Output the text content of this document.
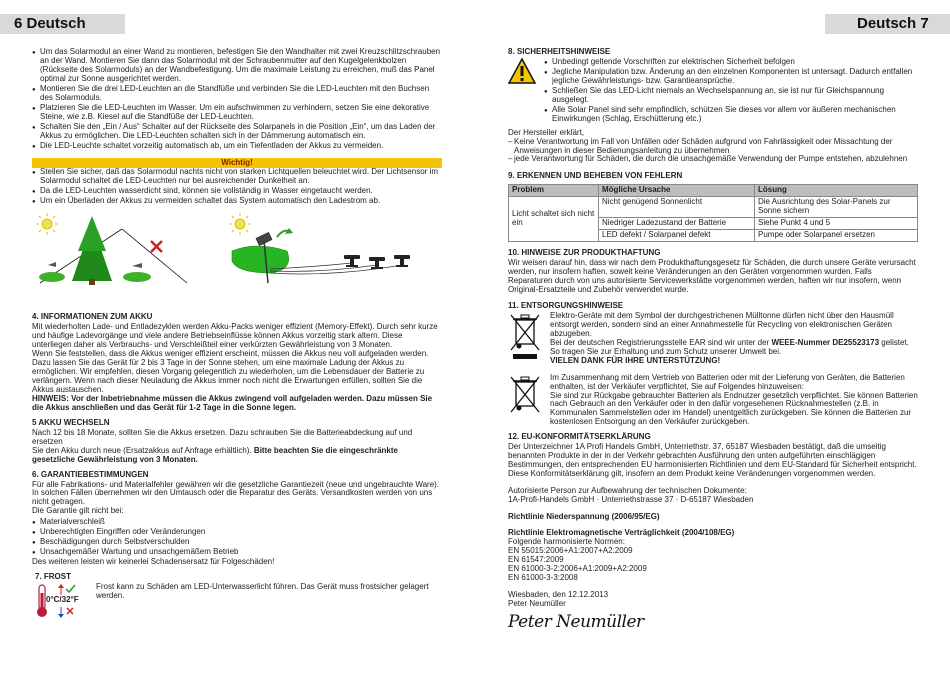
6 Deutsch	Deutsch 7
● Um das Solarmodul an einer Wand zu montieren, befestigen Sie den Wandhalter mit zwei Kreuzschlitzschrauben an der Wand. Montieren Sie dann das Solarmodul mit der Schraubenmutter auf den Kugelgelenkbolzen (Rückseite des Solarmoduls) an der Wandbefestigung. Um die maximale Leistung zu erreichen, muß das Panel optimal zur Sonne ausgerichtet werden.
● Montieren Sie die drei LED-Leuchten an die Standfüße und verbinden Sie die LED-Leuchten mit den Buchsen des Solarmoduls.
● Platzieren Sie die LED-Leuchten im Wasser. Um ein aufschwimmen zu verhindern, setzen Sie eine dekorative Steine, wie z.B. Kiesel auf die Standfüße der LED-Leuchten.
● Schalten Sie den „Ein / Aus“ Schalter auf der Rückseite des Solarpanels in die Position „Ein“, um das Laden der Akkus zu ermöglichen. Die LED-Leuchten schalten sich in der Dämmerung automatisch ein.
● Die LED-Leuchte schaltet vorzeitig automatisch ab, um ein Tiefentladen der Akkus zu vermeiden.
Wichtig!
● Stellen Sie sicher, daß das Solarmodul nachts nicht von starken Lichtquellen beleuchtet wird. Der Lichtsensor im Solarmodul schaltet die LED-Leuchten nur bei ausreichender Dunkelheit an.
● Da die LED-Leuchten wasserdicht sind, können sie vollständig in Wasser eingetaucht werden.
● Um ein Überladen der Akkus zu vermeiden schaltet das System automatisch den Ladestrom ab.
4. INFORMATIONEN ZUM AKKU

Mit wiederholten Lade- und Entladezyklen werden Akku-Packs weniger effizient (Memory-Effekt). Durch sehr kurze und häufige Ladevorgänge und viele andere Betriebseinflüsse können Akkus vorzeitig stark altern. Diese unterliegen daher als Verbrauchs- und Verschleißteil einer verkürzten Gewährleistung von 3 Monaten.

Wenn Sie feststellen, dass die Akkus weniger effizient erscheint, müssen die Akkus neu voll aufgeladen werden. Dazu lassen Sie das Gerät für 2 bis 3 Tage in der Sonne stehen, um eine maximale Ladung der Akkus zu ermöglichen. Wir empfehlen, diesen Vorgang gelegentlich zu wiederholen, um die Lebensdauer der Batterie zu verlängern. Wenn nach dieser Neuladung die Akkus immer noch nicht die Erwartungen erfüllen, sollten Sie die Akkus austauschen.

HINWEIS: Vor der Inbetriebnahme müssen die Akkus zwingend voll aufgeladen werden. Dazu müssen Sie die Akkus anschließen und das Gerät für 1-2 Tage in die Sonne legen.

5 AKKU WECHSELN

Nach 12 bis 18 Monate, sollten Sie die Akkus ersetzen. Dazu schrauben Sie die Batterieabdeckung auf und ersetzen

Sie den Akku durch neue (Ersatzakkus auf Anfrage erhältlich). Bitte beachten Sie die eingeschränkte gesetzliche Gewährleistung von 3 Monaten.

6. GARANTIEBESTIMMUNGEN

Für alle Fabrikations- und Materialfehler gewähren wir die gesetzliche Garantiezeit (neue und ungebrauchte Ware). In solchen Fällen übernehmen wir den Umtausch oder die Reparatur des Geräts. Versandkosten werden von uns nicht getragen.

Die Garantie gilt nicht bei:

● Materialverschleiß
● Unberechtigten Eingriffen oder Veränderungen
● Beschädigungen durch Selbstverschulden
● Unsachgemäßer Wartung und unsachgemäßem Betrieb

Des weiteren leisten wir keinerlei Schadensersatz für Folgeschäden!

7. FROST
0°C/32°F

Frost kann zu Schäden am LED-Unterwasserlicht führen. Das Gerät muss frostsicher gelagert werden.

8. SICHERHEITSHINWEISE
● Unbedingt geltende Vorschriften zur elektrischen Sicherheit befolgen
● Jegliche Manipulation bzw. Änderung an den einzelnen Komponenten ist untersagt. Dadurch entfallen jegliche Gewährleistungs- bzw. Garantieansprüche.
● Schließen Sie das LED-Licht niemals an Wechselspannung an, sie ist nur für Gleichspannung ausgelegt.
● Alle Solar Panel sind sehr empfindlich, schützen Sie dieses vor allem vor äußeren mechanischen Einwirkungen (Schlag, Erschütterung etc.)

Der Hersteller erklärt,

– Keine Verantwortung im Fall von Unfällen oder Schäden aufgrund von Fahrlässigkeit oder Missachtung der Anweisungen in dieser Bedienungsanleitung zu übernehmen
– jede Verantwortung für Schäden, die durch die unsachgemäße Verwendung der Pumpe entstehen, abzulehnen
9. ERKENNEN UND BEHEBEN VON FEHLERN
Problem	Mögliche Ursache	Lösung
Licht schaltet sich nicht ein	Nicht genügend Sonnenlicht	Die Ausrichtung des Solar-Panels zur Sonne sichern
	Niedriger Ladezustand der Batterie	Siehe Punkt 4 und 5
	LED defekt / Solarpanel defekt	Pumpe oder Solarpanel ersetzen
10. HINWEISE ZUR PRODUKTHAFTUNG

Wir weisen darauf hin, dass wir nach dem Produkthaftungsgesetz für Schäden, die durch unsere Geräte verursacht werden, nur insofern haften, soweit keine Veränderungen an den Geräten vorgenommen wurden. Falls Reparaturen durch von uns autorisierte Servicewerkstätte vorgenommen werden, haften wir nur insofern, wenn Original-Ersatzteile und Zubehör verwendet wurde.

11. ENTSORGUNGSHINWEISE

Elektro-Geräte mit dem Symbol der durchgestrichenen Mülltonne dürfen nicht über den Hausmüll entsorgt werden, sondern sind an einer Annahmestelle für Recycling von elektronischen Geräten abzugeben.

Bei der deutschen Registrierungsstelle EAR sind wir unter der WEEE-Nummer DE25523173 gelistet. So tragen Sie zur Erhaltung und zum Schutz unserer Umwelt bei.

VIELEN DANK FÜR IHRE UNTERSTÜTZUNG!

Im Zusammenhang mit dem Vertrieb von Batterien oder mit der Lieferung von Geräten, die Batterien enthalten, ist der Verkäufer verpflichtet, Sie auf Folgendes hinzuweisen:

Sie sind zur Rückgabe gebrauchter Batterien als Endnutzer gesetzlich verpflichtet. Sie können Batterien nach Gebrauch an den Verkäufer oder in den dafür vorgesehenen Rücknahmestellen (z.B. in Kommunalen Sammelstellen oder im Handel) unentgeltlich zurückgeben. Sie können die Batterien zur kostenlosen Entsorgung an den Verkäufer zurückgeben.

12. EU-KONFORMITÄTSERKLÄRUNG

Der Unterzeichner 1A Profi Handels GmbH, Unterriethstr. 37, 65187 Wiesbaden bestätigt, daß die umseitig benannten Produkte in der in der Verkehr gebrachten Ausführung den unten aufgeführten einschlägigen Bestimmungen, den entsprechenden EU harmonisierten Richtlinien und dem EU-Standard für Sicherheit entspricht.

Diese Konformitätserklärung gilt, insofern an dem Produkt keine Veränderungen vorgenommen werden.

Autorisierte Person zur Aufbewahrung der technischen Dokumente:

1A-Profi-Handels GmbH · Unterriethstrasse 37 · D-65187 Wiesbaden

Richtlinie Niederspannung (2006/95/EG)

Richtlinie Elektromagnetische Verträglichkeit (2004/108/EG)

Folgende harmonisierte Normen:

EN 55015:2006+A1:2007+A2:2009

EN 61547:2009

EN 61000-3-2:2006+A1:2009+A2:2009

EN 61000-3-3:2008

Wiesbaden, den 12.12.2013

Peter Neumüller

Peter Neumüller
